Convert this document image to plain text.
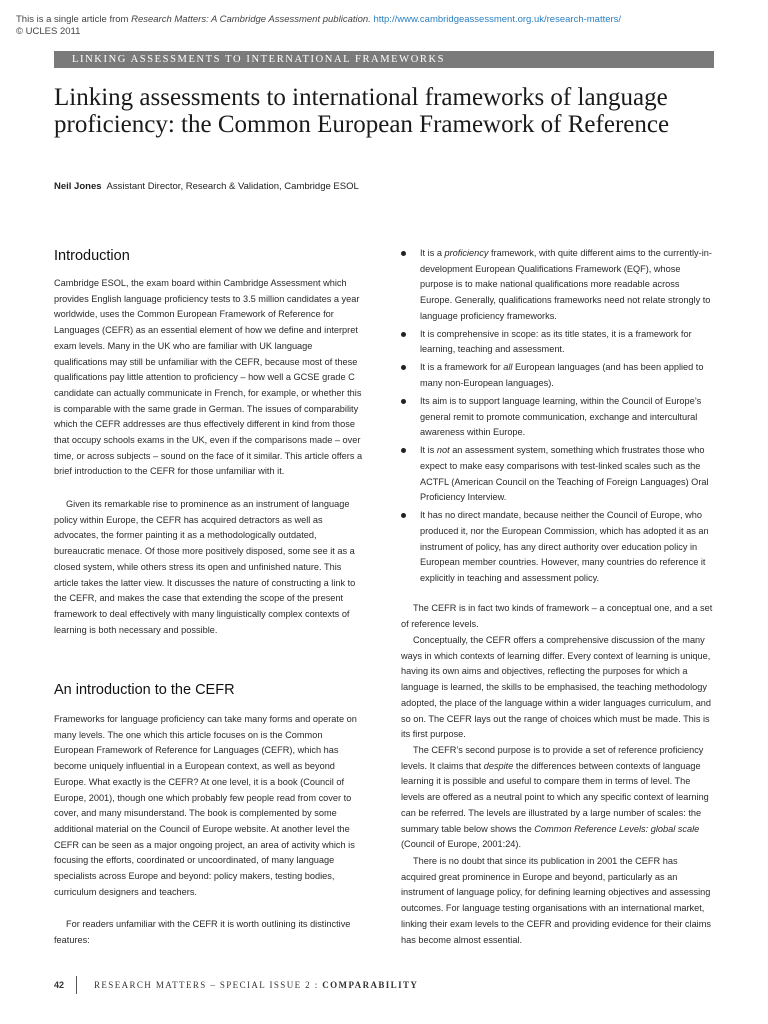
This is a single article from Research Matters: A Cambridge Assessment publication. http://www.cambridgeassessment.org.uk/research-matters/
© UCLES 2011
LINKING ASSESSMENTS TO INTERNATIONAL FRAMEWORKS
Linking assessments to international frameworks of language proficiency: the Common European Framework of Reference
Neil Jones Assistant Director, Research & Validation, Cambridge ESOL
Introduction

Cambridge ESOL, the exam board within Cambridge Assessment which provides English language proficiency tests to 3.5 million candidates a year worldwide, uses the Common European Framework of Reference for Languages (CEFR) as an essential element of how we define and interpret exam levels. Many in the UK who are familiar with UK language qualifications may still be unfamiliar with the CEFR, because most of these qualifications pay little attention to proficiency – how well a GCSE grade C candidate can actually communicate in French, for example, or whether this is comparable with the same grade in German. The issues of comparability which the CEFR addresses are thus effectively different in kind from those that occupy schools exams in the UK, even if the comparisons made – over time, or across subjects – sound on the face of it similar. This article offers a brief introduction to the CEFR for those unfamiliar with it.

Given its remarkable rise to prominence as an instrument of language policy within Europe, the CEFR has acquired detractors as well as advocates, the former painting it as a methodologically outdated, bureaucratic menace. Of those more positively disposed, some see it as a closed system, while others stress its open and unfinished nature. This article takes the latter view. It discusses the nature of constructing a link to the CEFR, and makes the case that extending the scope of the present framework to deal effectively with many linguistically complex contexts of learning is both necessary and possible.

An introduction to the CEFR

Frameworks for language proficiency can take many forms and operate on many levels. The one which this article focuses on is the Common European Framework of Reference for Languages (CEFR), which has become uniquely influential in a European context, as well as beyond Europe. What exactly is the CEFR? At one level, it is a book (Council of Europe, 2001), though one which probably few people read from cover to cover, and many misunderstand. The book is complemented by some additional material on the Council of Europe website. At another level the CEFR can be seen as a major ongoing project, an area of activity which is focusing the efforts, coordinated or uncoordinated, of many language specialists across Europe and beyond: policy makers, testing bodies, curriculum designers and teachers.

For readers unfamiliar with the CEFR it is worth outlining its distinctive features:

It is a proficiency framework, with quite different aims to the currently-in-development European Qualifications Framework (EQF), whose purpose is to make national qualifications more readable across Europe. Generally, qualifications frameworks need not relate strongly to language proficiency frameworks.
It is comprehensive in scope: as its title states, it is a framework for learning, teaching and assessment.
It is a framework for all European languages (and has been applied to many non-European languages).
Its aim is to support language learning, within the Council of Europe’s general remit to promote communication, exchange and intercultural awareness within Europe.
It is not an assessment system, something which frustrates those who expect to make easy comparisons with test-linked scales such as the ACTFL (American Council on the Teaching of Foreign Languages) Oral Proficiency Interview.
It has no direct mandate, because neither the Council of Europe, who produced it, nor the European Commission, which has adopted it as an instrument of policy, has any direct authority over education policy in European member countries. However, many countries do reference it explicitly in teaching and assessment policy.

The CEFR is in fact two kinds of framework – a conceptual one, and a set of reference levels.

Conceptually, the CEFR offers a comprehensive discussion of the many ways in which contexts of learning differ. Every context of learning is unique, having its own aims and objectives, reflecting the purposes for which a language is learned, the skills to be emphasised, the teaching methodology adopted, the place of the language within a wider languages curriculum, and so on. The CEFR lays out the range of choices which must be made. This is its first purpose.

The CEFR’s second purpose is to provide a set of reference proficiency levels. It claims that despite the differences between contexts of language learning it is possible and useful to compare them in terms of level. The levels are offered as a neutral point to which any specific context of learning can be referred. The levels are illustrated by a large number of scales: the summary table below shows the Common Reference Levels: global scale (Council of Europe, 2001:24).

There is no doubt that since its publication in 2001 the CEFR has acquired great prominence in Europe and beyond, particularly as an instrument of language policy, for defining learning objectives and assessing outcomes. For language testing organisations with an international market, linking their exam levels to the CEFR and providing evidence for their claims has become almost essential.

42	RESEARCH MATTERS – SPECIAL ISSUE 2 : COMPARABILITY
